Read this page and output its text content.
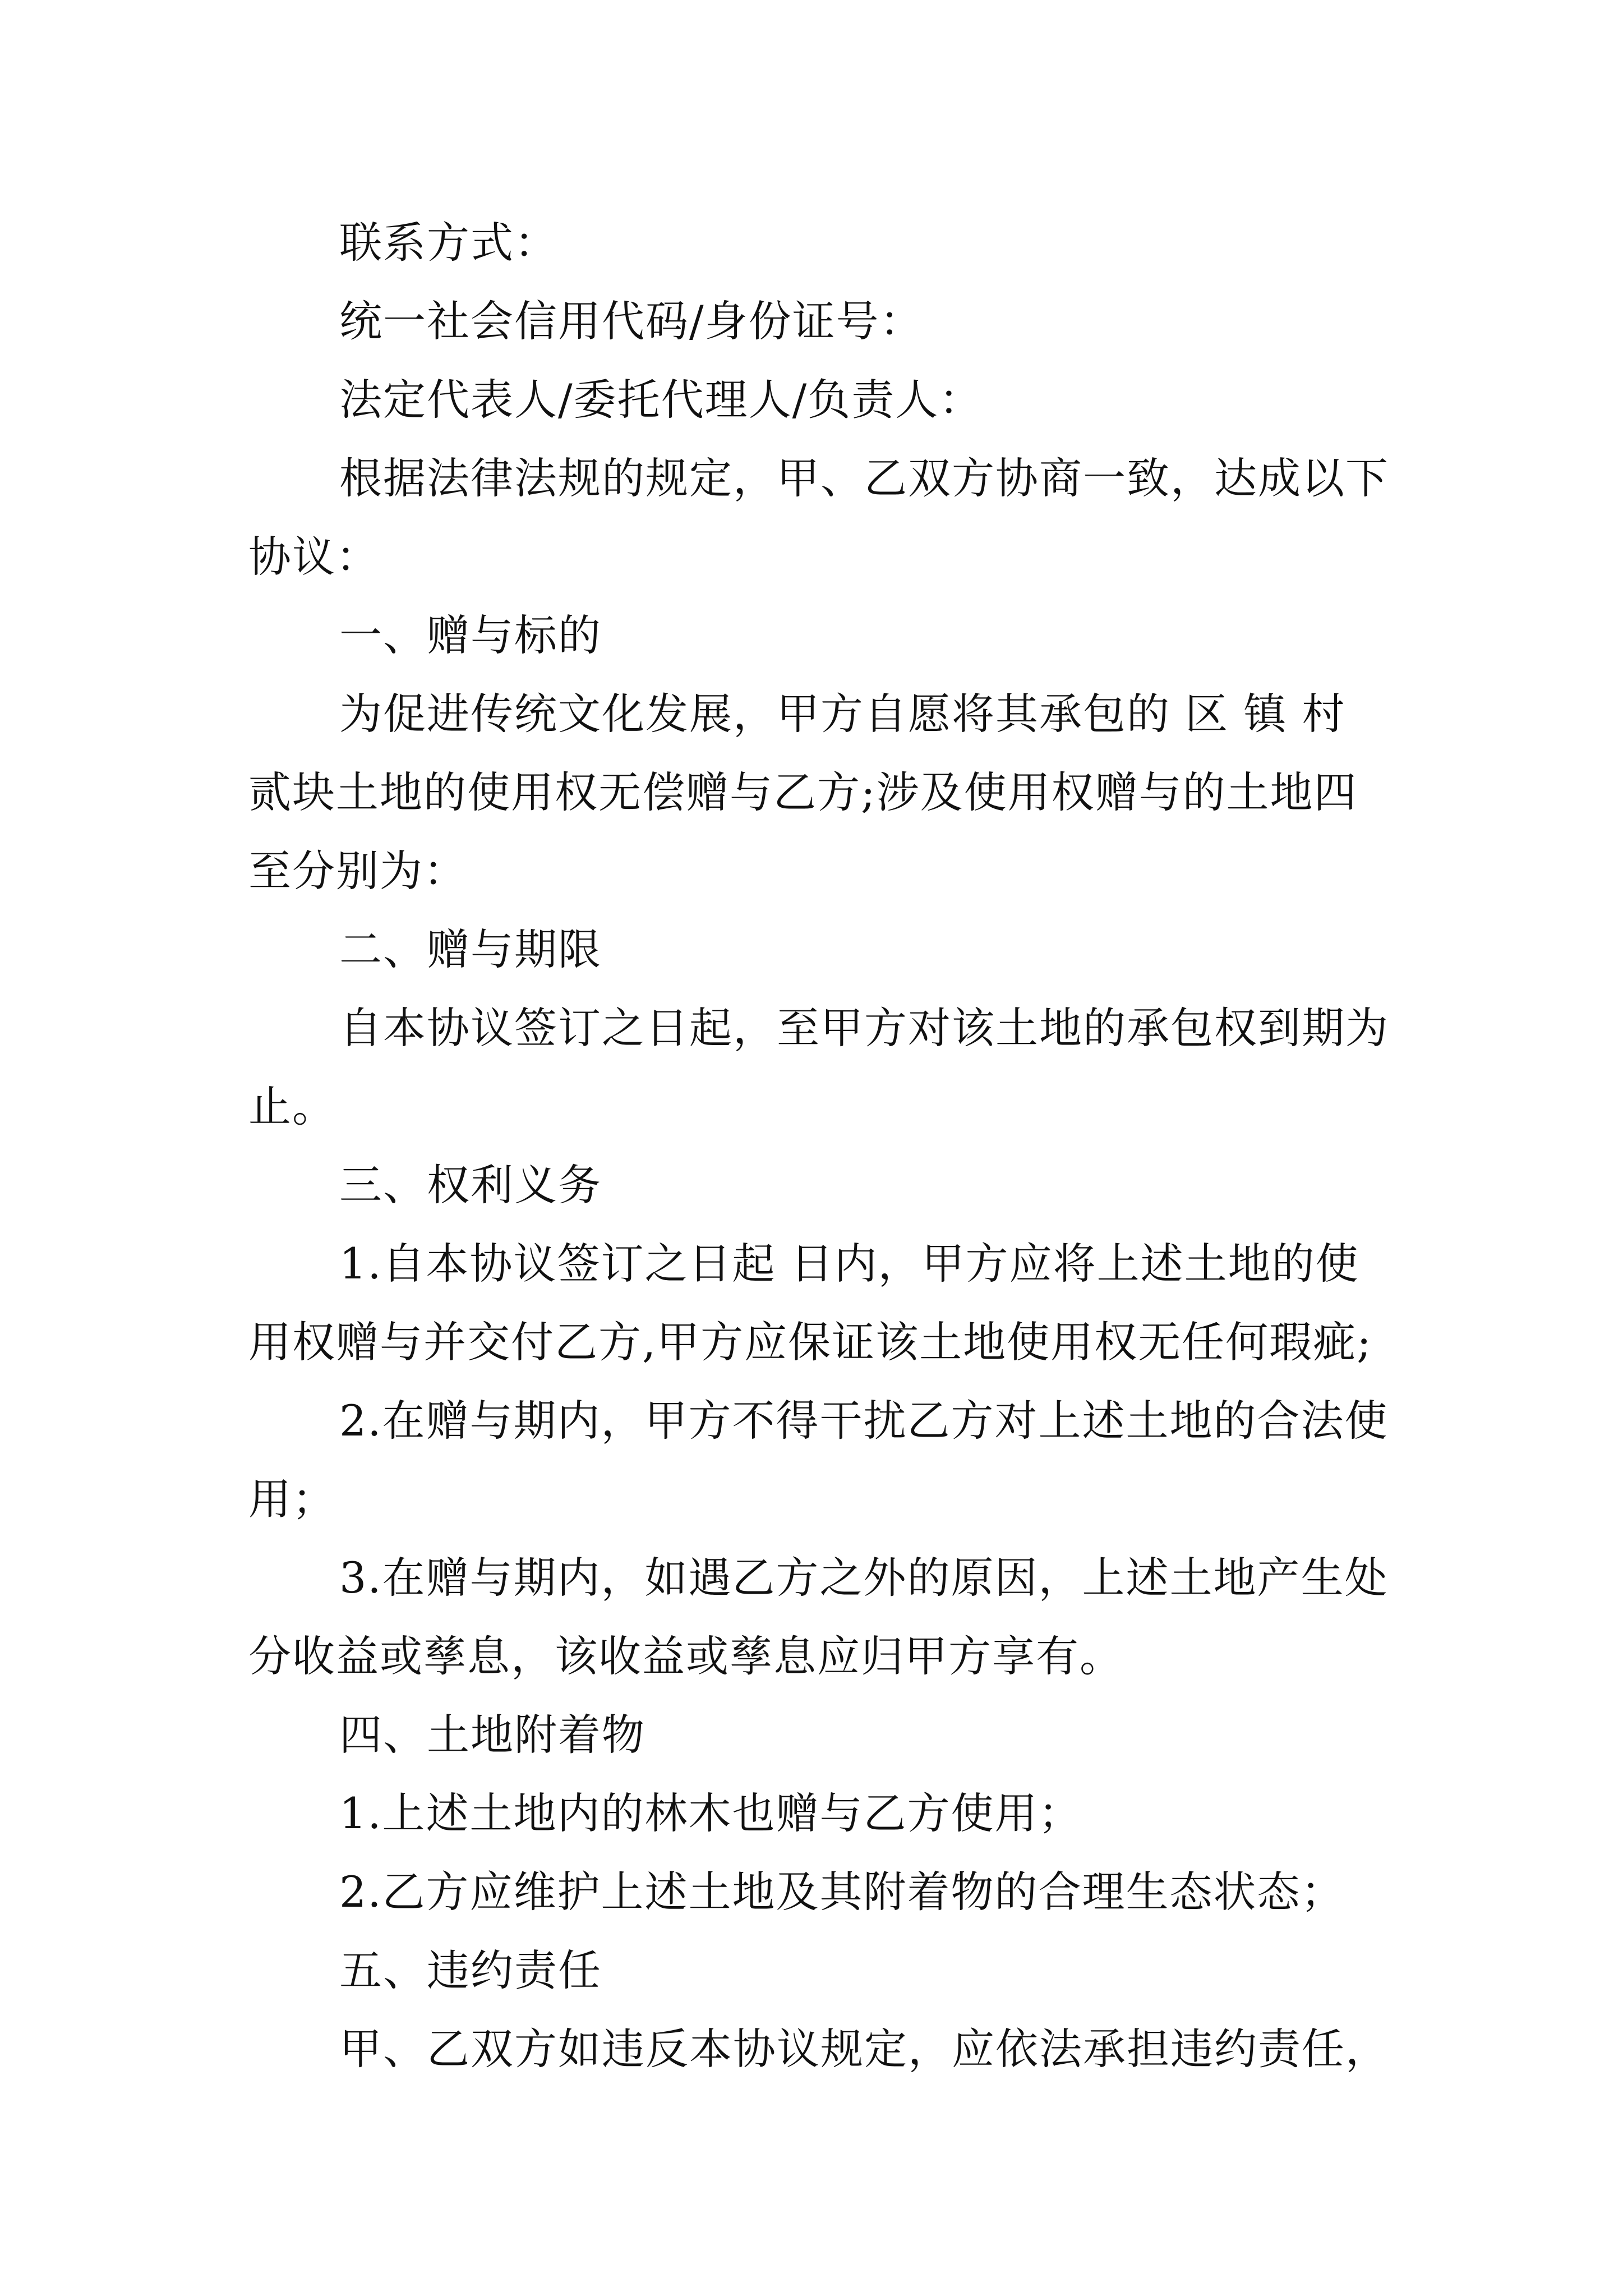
联系方式：

统一社会信用代码/身份证号：

法定代表人/委托代理人/负责人：

根据法律法规的规定，甲、乙双方协商一致，达成以下

协议：

一、赠与标的

为促进传统文化发展，甲方自愿将其承包的 区 镇 村

贰块土地的使用权无偿赠与乙方;涉及使用权赠与的土地四

至分别为：

二、赠与期限

自本协议签订之日起，至甲方对该土地的承包权到期为

止。

三、权利义务

1.自本协议签订之日起 日内，甲方应将上述土地的使

用权赠与并交付乙方,甲方应保证该土地使用权无任何瑕疵;

2.在赠与期内，甲方不得干扰乙方对上述土地的合法使

用；

3.在赠与期内，如遇乙方之外的原因，上述土地产生处

分收益或孳息，该收益或孳息应归甲方享有。

四、土地附着物

1.上述土地内的林木也赠与乙方使用；

2.乙方应维护上述土地及其附着物的合理生态状态；

五、违约责任

甲、乙双方如违反本协议规定，应依法承担违约责任，
